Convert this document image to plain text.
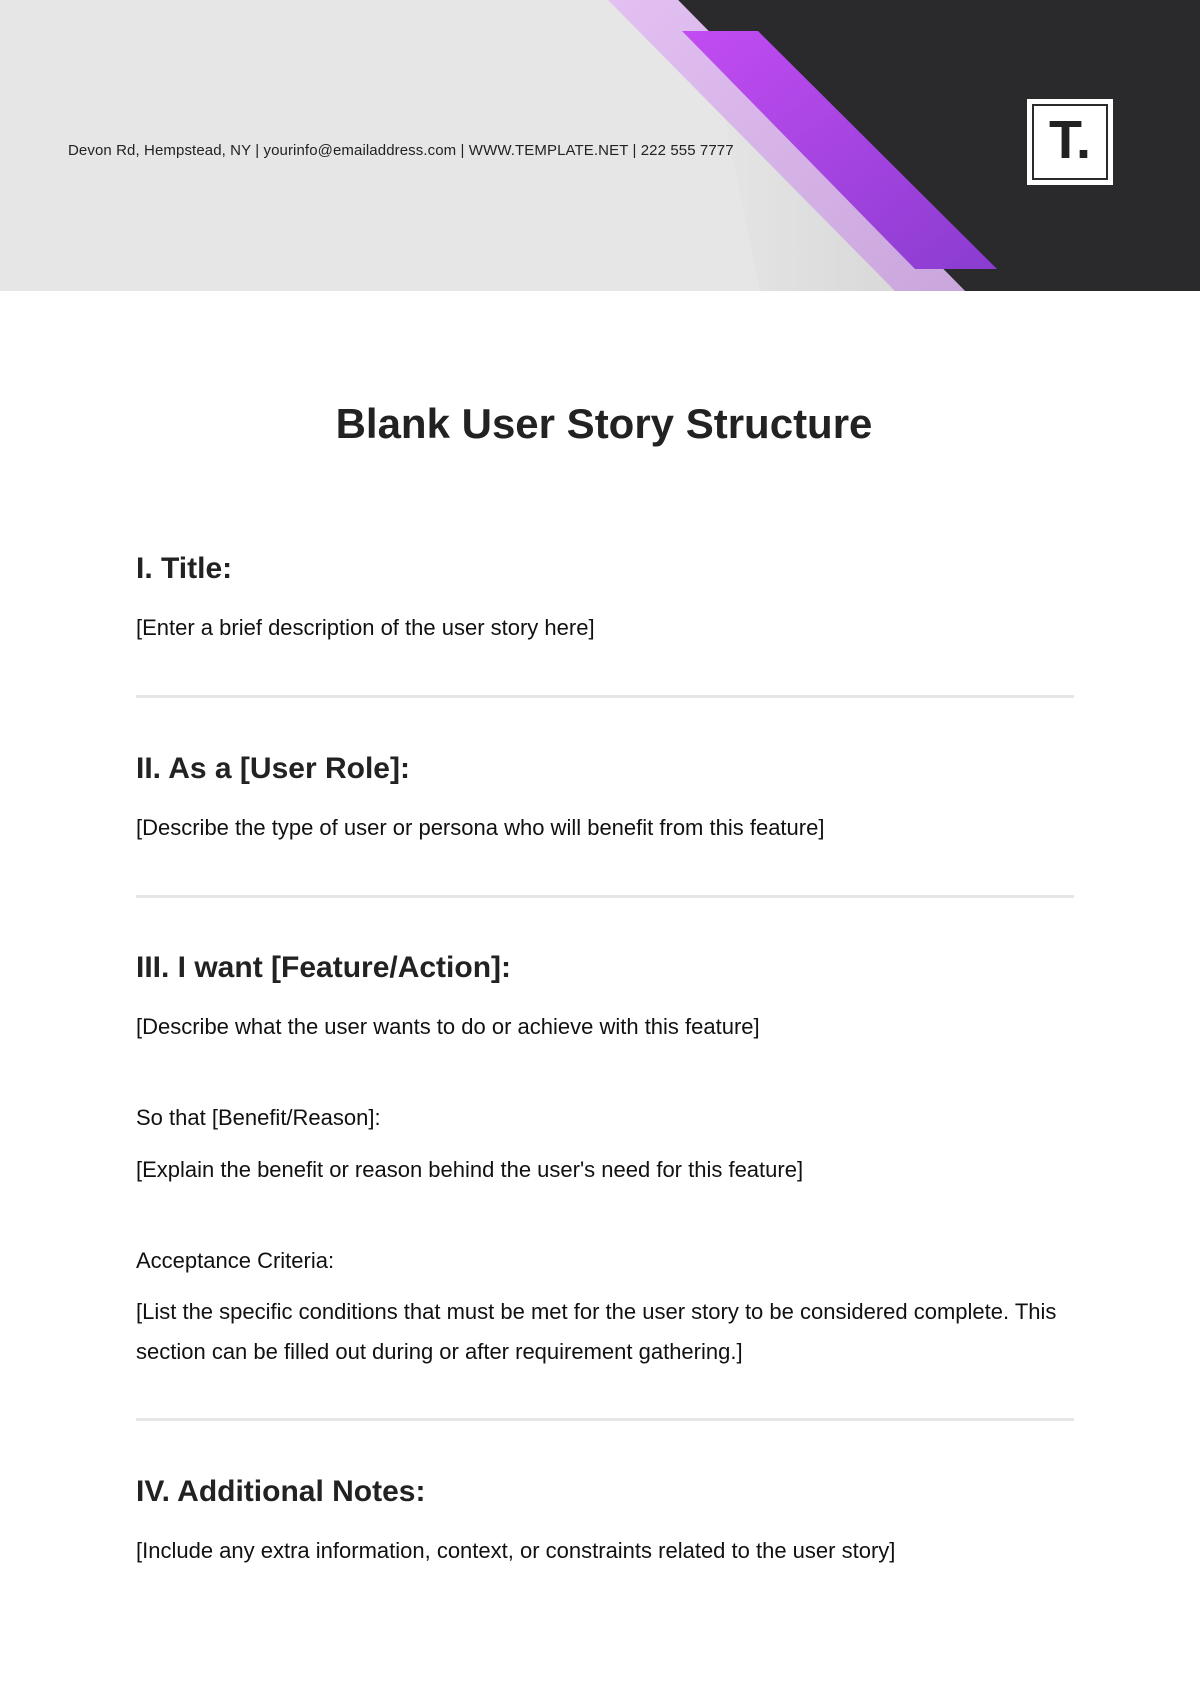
Devon Rd, Hempstead, NY | yourinfo@emailaddress.com | WWW.TEMPLATE.NET | 222 555 7777	T.
Blank User Story Structure
I. Title:

[Enter a brief description of the user story here]

II. As a [User Role]:

[Describe the type of user or persona who will benefit from this feature]

III. I want [Feature/Action]:

[Describe what the user wants to do or achieve with this feature]

So that [Benefit/Reason]:

[Explain the benefit or reason behind the user's need for this feature]

Acceptance Criteria:

[List the specific conditions that must be met for the user story to be considered complete. This section can be filled out during or after requirement gathering.]

IV. Additional Notes:

[Include any extra information, context, or constraints related to the user story]
